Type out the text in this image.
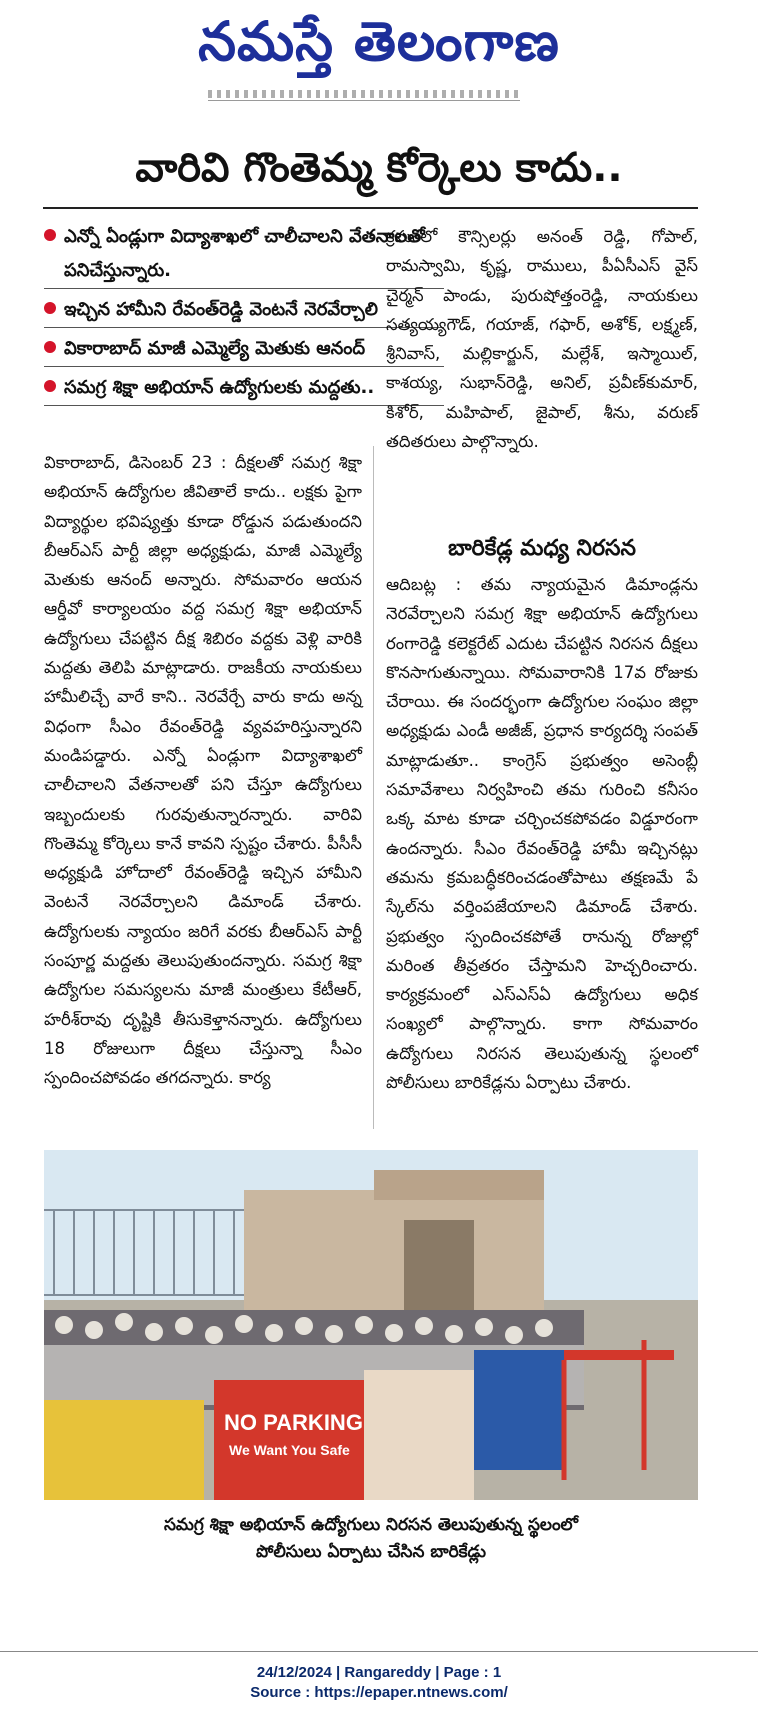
నమస్తే తెలంగాణ
వారివి గొంతెమ్మ కోర్కెలు కాదు..
ఎన్నో ఏండ్లుగా విద్యాశాఖలో చాలీచాలని వేతనాలతో పనిచేస్తున్నారు.
ఇచ్చిన హామీని రేవంత్‌రెడ్డి వెంటనే నెరవేర్చాలి
వికారాబాద్ మాజీ ఎమ్మెల్యే మెతుకు ఆనంద్
సమగ్ర శిక్షా అభియాన్ ఉద్యోగులకు మద్దతు..

వికారాబాద్, డిసెంబర్ 23 : దీక్షలతో సమగ్ర శిక్షా అభియాన్ ఉద్యోగుల జీవితాలే కాదు.. లక్షకు పైగా విద్యార్థుల భవిష్యత్తు కూడా రోడ్డున పడుతుందని బీఆర్ఎస్ పార్టీ జిల్లా అధ్యక్షుడు, మాజీ ఎమ్మెల్యే మెతుకు ఆనంద్ అన్నారు. సోమవారం ఆయన ఆర్డీవో కార్యాలయం వద్ద సమగ్ర శిక్షా అభియాన్ ఉద్యోగులు చేపట్టిన దీక్ష శిబిరం వద్దకు వెళ్లి వారికి మద్దతు తెలిపి మాట్లాడారు. రాజకీయ నాయకులు హామీలిచ్చే వారే కాని.. నెరవేర్చే వారు కాదు అన్న విధంగా సీఎం రేవంత్‌రెడ్డి వ్యవహరిస్తున్నారని మండిపడ్డారు. ఎన్నో ఏండ్లుగా విద్యాశాఖలో చాలీచాలని వేతనాలతో పని చేస్తూ ఉద్యోగులు ఇబ్బందులకు గురవుతున్నారన్నారు. వారివి గొంతెమ్మ కోర్కెలు కానే కావని స్పష్టం చేశారు. పీసీసీ అధ్యక్షుడి హోదాలో రేవంత్‌రెడ్డి ఇచ్చిన హామీని వెంటనే నెరవేర్చాలని డిమాండ్ చేశారు. ఉద్యోగులకు న్యాయం జరిగే వరకు బీఆర్ఎస్ పార్టీ సంపూర్ణ మద్దతు తెలుపుతుందన్నారు. సమగ్ర శిక్షా ఉద్యోగుల సమస్యలను మాజీ మంత్రులు కేటీఆర్, హరీశ్‌రావు దృష్టికి తీసుకెళ్తానన్నారు. ఉద్యోగులు 18 రోజులుగా దీక్షలు చేస్తున్నా సీఎం స్పందించపోవడం తగదన్నారు. కార్య

క్రమంలో కౌన్సిలర్లు అనంత్ రెడ్డి, గోపాల్, రామస్వామి, కృష్ణ, రాములు, పీఏసీఎస్ వైస్ చైర్మన్ పాండు, పురుషోత్తంరెడ్డి, నాయకులు సత్యయ్యగౌడ్, గయాజ్, గఫార్, అశోక్, లక్ష్మణ్, శ్రీనివాస్, మల్లికార్జున్, మల్లేశ్, ఇస్మాయిల్, కాశయ్య, సుభాన్‌రెడ్డి, అనిల్, ప్రవీణ్‌కుమార్, కిశోర్, మహిపాల్, జైపాల్, శీను, వరుణ్ తదితరులు పాల్గొన్నారు.

బారికేడ్ల మధ్య నిరసన

ఆదిబట్ల : తమ న్యాయమైన డిమాండ్లను నెరవేర్చాలని సమగ్ర శిక్షా అభియాన్ ఉద్యోగులు రంగారెడ్డి కలెక్టరేట్ ఎదుట చేపట్టిన నిరసన దీక్షలు కొనసాగుతున్నాయి. సోమవారానికి 17వ రోజుకు చేరాయి. ఈ సందర్భంగా ఉద్యోగుల సంఘం జిల్లా అధ్యక్షుడు ఎండీ అజీజ్, ప్రధాన కార్యదర్శి సంపత్ మాట్లాడుతూ.. కాంగ్రెస్ ప్రభుత్వం అసెంబ్లీ సమావేశాలు నిర్వహించి తమ గురించి కనీసం ఒక్క మాట కూడా చర్చించకపోవడం విడ్డూరంగా ఉందన్నారు. సీఎం రేవంత్‌రెడ్డి హామీ ఇచ్చినట్లు తమను క్రమబద్ధీకరించడంతోపాటు తక్షణమే పే స్కేల్‌ను వర్తింపజేయాలని డిమాండ్ చేశారు. ప్రభుత్వం స్పందించకపోతే రానున్న రోజుల్లో మరింత తీవ్రతరం చేస్తామని హెచ్చరించారు. కార్యక్రమంలో ఎస్ఎస్ఏ ఉద్యోగులు అధిక సంఖ్యలో పాల్గొన్నారు. కాగా సోమవారం ఉద్యోగులు నిరసన తెలుపుతున్న స్థలంలో పోలీసులు బారికేడ్లను ఏర్పాటు చేశారు.

NO PARKING
We Want You Safe
సమగ్ర శిక్షా అభియాన్ ఉద్యోగులు నిరసన తెలుపుతున్న స్థలంలో
పోలీసులు ఏర్పాటు చేసిన బారికేడ్లు
24/12/2024 | Rangareddy | Page : 1
Source : https://epaper.ntnews.com/
